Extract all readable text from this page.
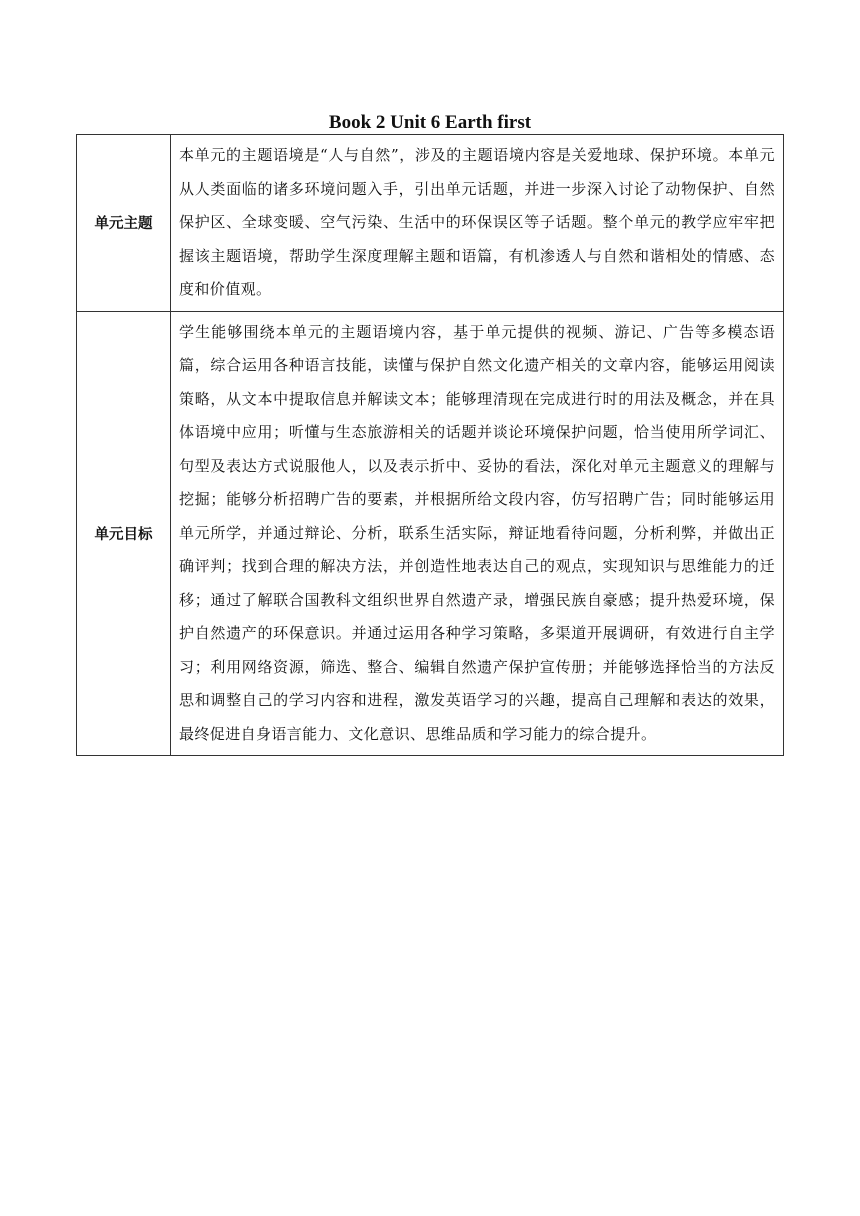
Book 2 Unit 6 Earth first
单元主题	本单元的主题语境是“人与自然”，涉及的主题语境内容是关爱地球、保护环境。本单元从人类面临的诸多环境问题入手，引出单元话题，并进一步深入讨论了动物保护、自然保护区、全球变暖、空气污染、生活中的环保误区等子话题。整个单元的教学应牢牢把握该主题语境，帮助学生深度理解主题和语篇，有机渗透人与自然和谐相处的情感、态度和价值观。
单元目标	学生能够围绕本单元的主题语境内容，基于单元提供的视频、游记、广告等多模态语篇，综合运用各种语言技能，读懂与保护自然文化遗产相关的文章内容，能够运用阅读策略，从文本中提取信息并解读文本；能够理清现在完成进行时的用法及概念，并在具体语境中应用；听懂与生态旅游相关的话题并谈论环境保护问题，恰当使用所学词汇、句型及表达方式说服他人，以及表示折中、妥协的看法，深化对单元主题意义的理解与挖掘；能够分析招聘广告的要素，并根据所给文段内容，仿写招聘广告；同时能够运用单元所学，并通过辩论、分析，联系生活实际，辩证地看待问题，分析利弊，并做出正确评判；找到合理的解决方法，并创造性地表达自己的观点，实现知识与思维能力的迁移；通过了解联合国教科文组织世界自然遗产录，增强民族自豪感；提升热爱环境，保护自然遗产的环保意识。并通过运用各种学习策略，多渠道开展调研，有效进行自主学习；利用网络资源，筛选、整合、编辑自然遗产保护宣传册；并能够选择恰当的方法反思和调整自己的学习内容和进程，激发英语学习的兴趣，提高自己理解和表达的效果，最终促进自身语言能力、文化意识、思维品质和学习能力的综合提升。
